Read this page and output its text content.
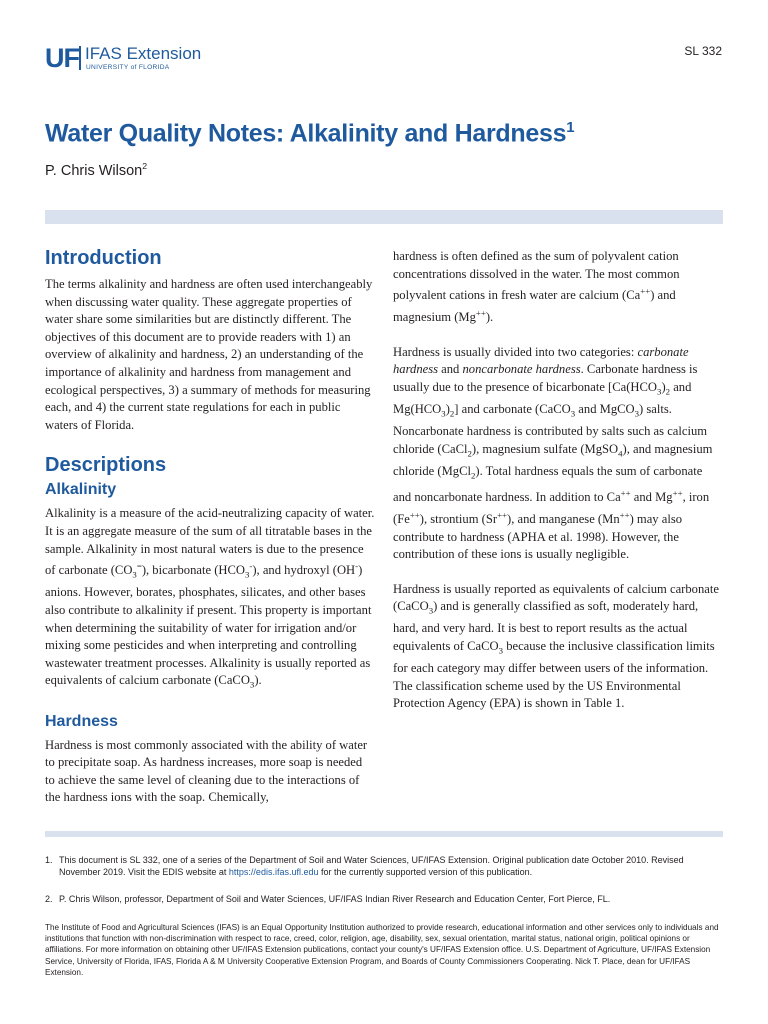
UF IFAS Extension
UNIVERSITY of FLORIDA
SL 332
Water Quality Notes: Alkalinity and Hardness$^1$
P. Chris Wilson$^2$
Introduction

The terms alkalinity and hardness are often used interchangeably when discussing water quality. These aggregate properties of water share some similarities but are distinctly different. The objectives of this document are to provide readers with 1) an overview of alkalinity and hardness, 2) an understanding of the importance of alkalinity and hardness from management and ecological perspectives, 3) a summary of methods for measuring each, and 4) the current state regulations for each in public waters of Florida.

Descriptions
Alkalinity

Alkalinity is a measure of the acid-neutralizing capacity of water. It is an aggregate measure of the sum of all titratable bases in the sample. Alkalinity in most natural waters is due to the presence of carbonate $(CO_3^=)$, bicarbonate $(HCO_3^-)$, and hydroxyl (OH-) anions. However, borates, phosphates, silicates, and other bases also contribute to alkalinity if present. This property is important when determining the suitability of water for irrigation and/or mixing some pesticides and when interpreting and controlling wastewater treatment processes. Alkalinity is usually reported as equivalents of calcium carbonate (CaCO$_3$).

Hardness

Hardness is most commonly associated with the ability of water to precipitate soap. As hardness increases, more soap is needed to achieve the same level of cleaning due to the interactions of the hardness ions with the soap. Chemically,

hardness is often defined as the sum of polyvalent cation concentrations dissolved in the water. The most common polyvalent cations in fresh water are calcium (Ca++) and magnesium (Mg++).

Hardness is usually divided into two categories: carbonate hardness and noncarbonate hardness. Carbonate hardness is usually due to the presence of bicarbonate [$Ca(HCO_3)_2$ and $Mg(HCO_3)_2$] and carbonate (CaCO$_3$ and MgCO$_3$) salts. Noncarbonate hardness is contributed by salts such as calcium chloride (CaCl$_2$), magnesium sulfate (MgSO$_4$), and magnesium chloride (MgCl$_2$). Total hardness equals the sum of carbonate and noncarbonate hardness. In addition to Ca++ and Mg++, iron (Fe++), strontium (Sr++), and manganese (Mn++) may also contribute to hardness (APHA et al. 1998). However, the contribution of these ions is usually negligible.

Hardness is usually reported as equivalents of calcium carbonate (CaCO$_3$) and is generally classified as soft, moderately hard, hard, and very hard. It is best to report results as the actual equivalents of CaCO$_3$ because the inclusive classification limits for each category may differ between users of the information. The classification scheme used by the US Environmental Protection Agency (EPA) is shown in Table 1.

1. This document is SL 332, one of a series of the Department of Soil and Water Sciences, UF/IFAS Extension. Original publication date October 2010. Revised November 2019. Visit the EDIS website at https://edis.ifas.ufl.edu for the currently supported version of this publication.
2. P. Chris Wilson, professor, Department of Soil and Water Sciences, UF/IFAS Indian River Research and Education Center, Fort Pierce, FL.
The Institute of Food and Agricultural Sciences (IFAS) is an Equal Opportunity Institution authorized to provide research, educational information and other services only to individuals and institutions that function with non-discrimination with respect to race, creed, color, religion, age, disability, sex, sexual orientation, marital status, national origin, political opinions or affiliations. For more information on obtaining other UF/IFAS Extension publications, contact your county's UF/IFAS Extension office. U.S. Department of Agriculture, UF/IFAS Extension Service, University of Florida, IFAS, Florida A & M University Cooperative Extension Program, and Boards of County Commissioners Cooperating. Nick T. Place, dean for UF/IFAS Extension.
